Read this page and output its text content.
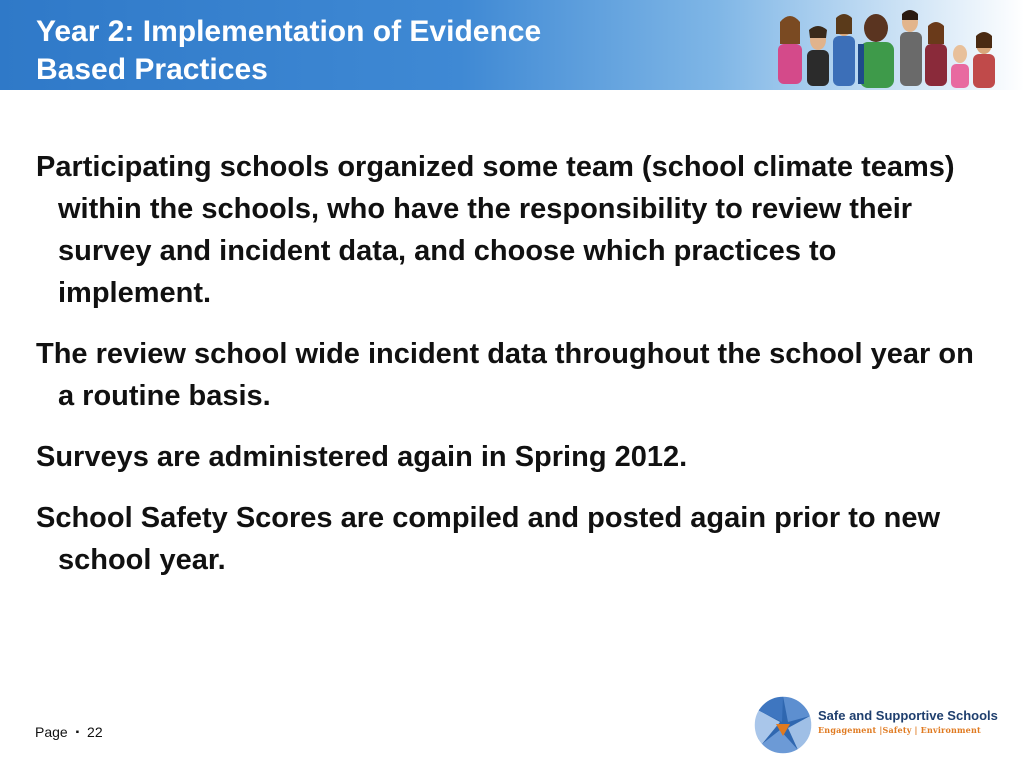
Year 2: Implementation of Evidence
Based Practices

Participating schools organized some team (school climate teams) within the schools, who have the responsibility to review their survey and incident data, and choose which practices to implement.

The review school wide incident data throughout the school year on a routine basis.

Surveys are administered again in Spring 2012.

School Safety Scores are compiled and posted again prior to new school year.

Page ▪ 22
Safe and Supportive Schools
Engagement |Safety | Environment
